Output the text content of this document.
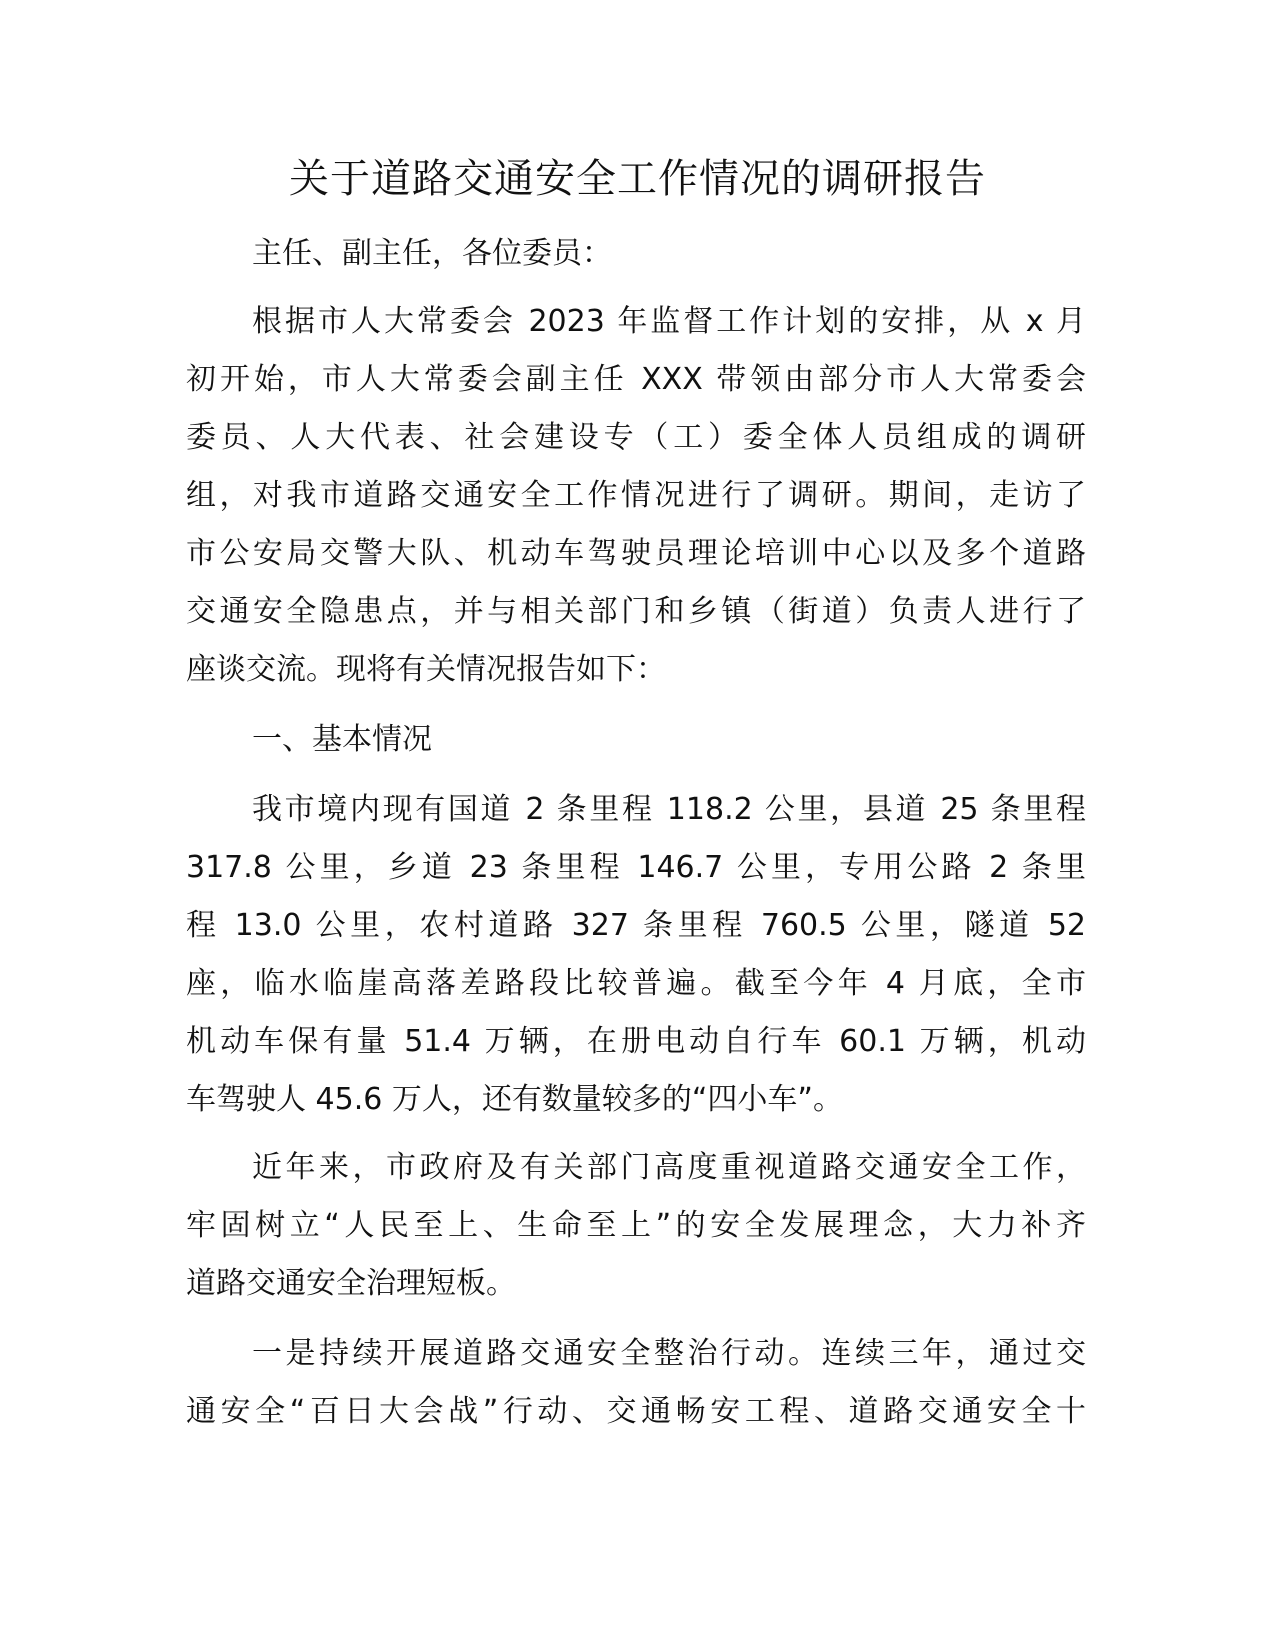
关于道路交通安全工作情况的调研报告

主任、副主任，各位委员：

根据市人大常委会 2023 年监督工作计划的安排，从 x 月
初开始，市人大常委会副主任 XXX 带领由部分市人大常委会
委员、人大代表、社会建设专（工）委全体人员组成的调研
组，对我市道路交通安全工作情况进行了调研。期间，走访了
市公安局交警大队、机动车驾驶员理论培训中心以及多个道路
交通安全隐患点，并与相关部门和乡镇（街道）负责人进行了
座谈交流。现将有关情况报告如下：

一、基本情况

我市境内现有国道 2 条里程 118.2 公里，县道 25 条里程
317.8 公里，乡道 23 条里程 146.7 公里，专用公路 2 条里
程 13.0 公里，农村道路 327 条里程 760.5 公里，隧道 52
座，临水临崖高落差路段比较普遍。截至今年 4 月底，全市
机动车保有量 51.4 万辆，在册电动自行车 60.1 万辆，机动
车驾驶人 45.6 万人，还有数量较多的“四小车”。
近年来，市政府及有关部门高度重视道路交通安全工作，
牢固树立“人民至上、生命至上”的安全发展理念，大力补齐
道路交通安全治理短板。
一是持续开展道路交通安全整治行动。连续三年，通过交
通安全“百日大会战”行动、交通畅安工程、道路交通安全十
